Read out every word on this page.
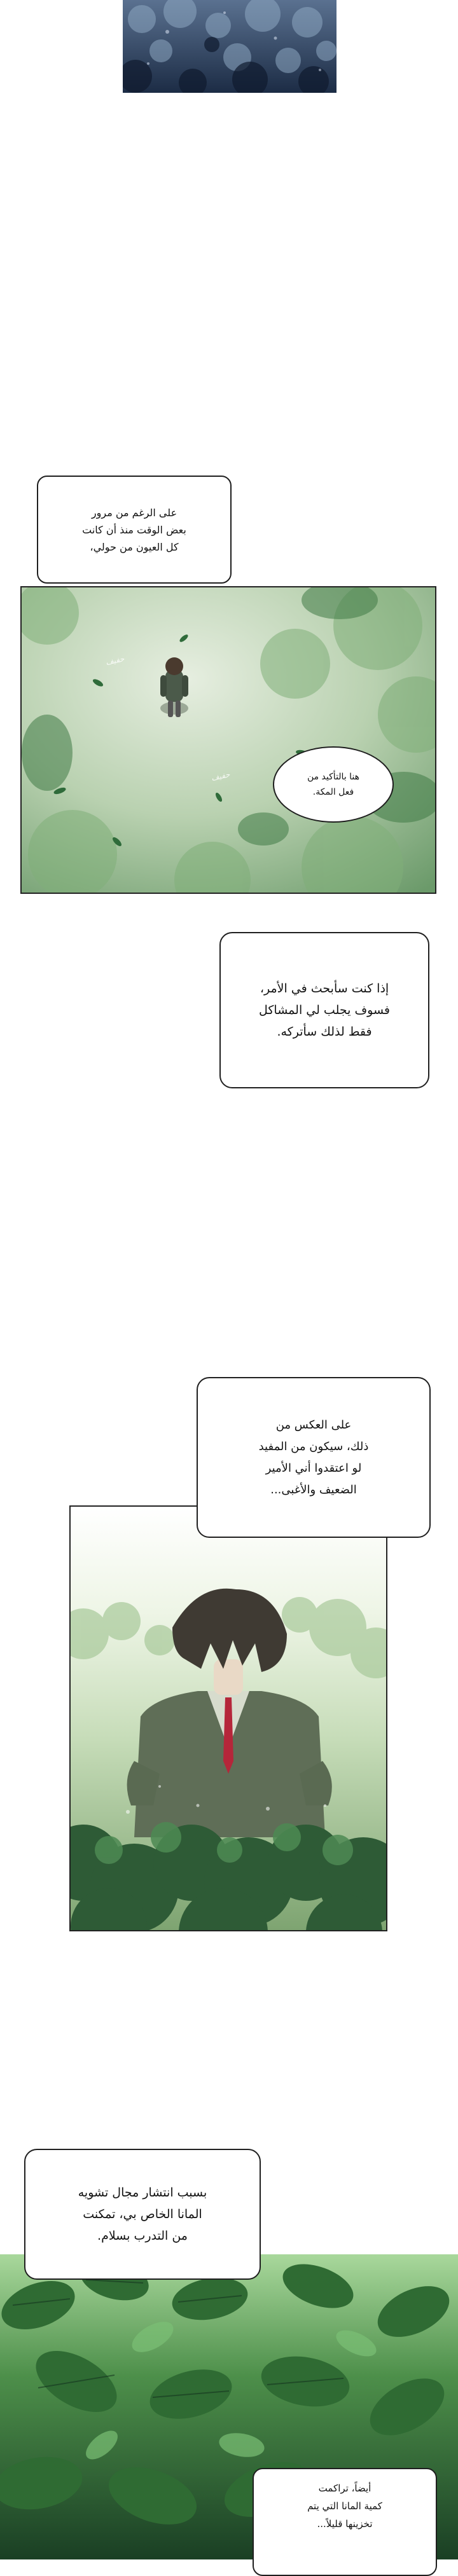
على الرغم من مرور
بعض الوقت منذ أن كانت
كل العيون من حولي،
ﺣﻔﻴﻒ
ﺣﻔﻴﻒ	هنا بالتأكيد من
فعل المكة.
إذا كنت سأبحث في الأمر،
فسوف يجلب لي المشاكل
فقط لذلك سأتركه.
على العكس من
ذلك، سيكون من المفيد
لو اعتقدوا أني الأمير
الضعيف والأغبى...
بسبب انتشار مجال تشويه
المانا الخاص بي، تمكنت
من التدرب بسلام.
أيضاً، تراكمت
كمية المانا التي يتم
تخزينها قليلاً...
